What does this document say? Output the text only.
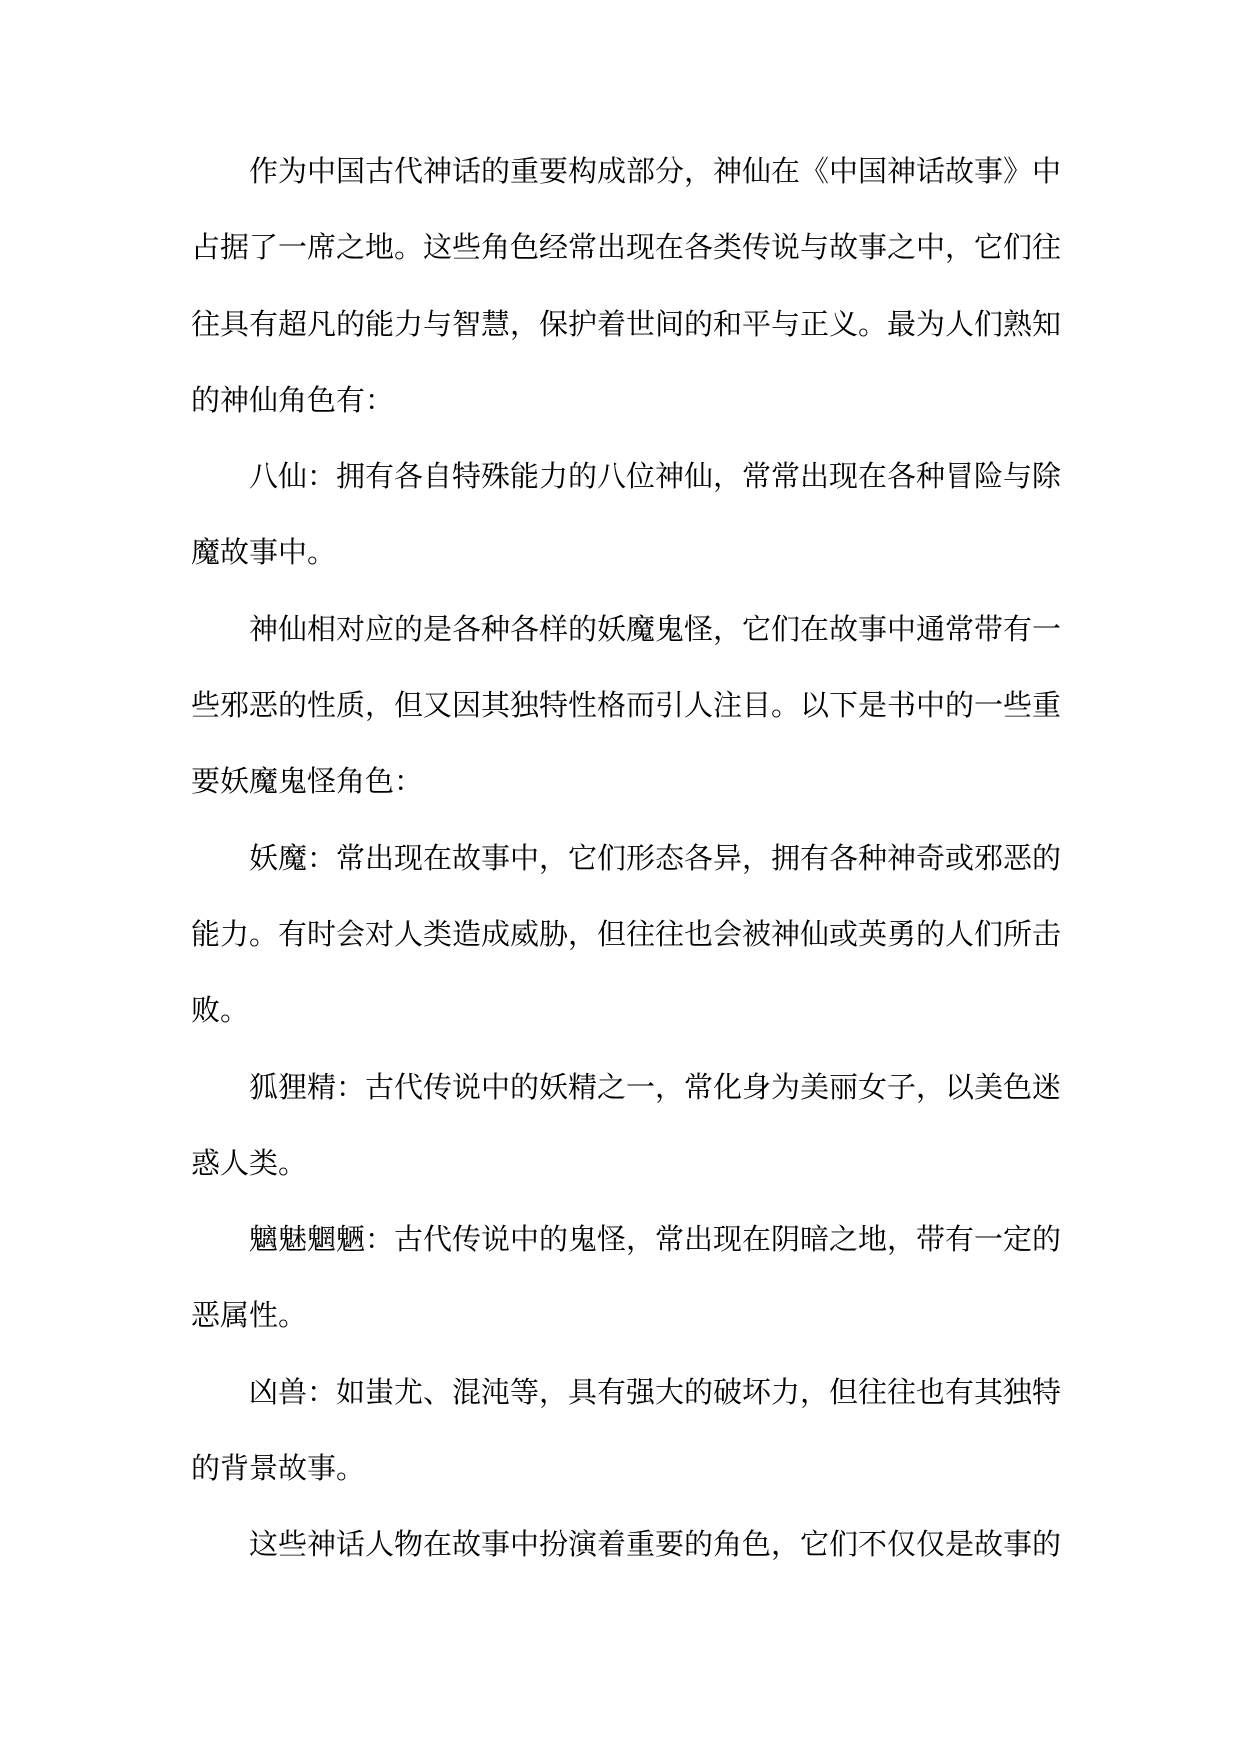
作为中国古代神话的重要构成部分，神仙在《中国神话故事》中
占据了一席之地。这些角色经常出现在各类传说与故事之中，它们往
往具有超凡的能力与智慧，保护着世间的和平与正义。最为人们熟知
的神仙角色有：
八仙：拥有各自特殊能力的八位神仙，常常出现在各种冒险与除
魔故事中。
神仙相对应的是各种各样的妖魔鬼怪，它们在故事中通常带有一
些邪恶的性质，但又因其独特性格而引人注目。以下是书中的一些重
要妖魔鬼怪角色：
妖魔：常出现在故事中，它们形态各异，拥有各种神奇或邪恶的
能力。有时会对人类造成威胁，但往往也会被神仙或英勇的人们所击
败。
狐狸精：古代传说中的妖精之一，常化身为美丽女子，以美色迷
惑人类。
魑魅魍魉：古代传说中的鬼怪，常出现在阴暗之地，带有一定的
恶属性。
凶兽：如蚩尤、混沌等，具有强大的破坏力，但往往也有其独特
的背景故事。
这些神话人物在故事中扮演着重要的角色，它们不仅仅是故事的
